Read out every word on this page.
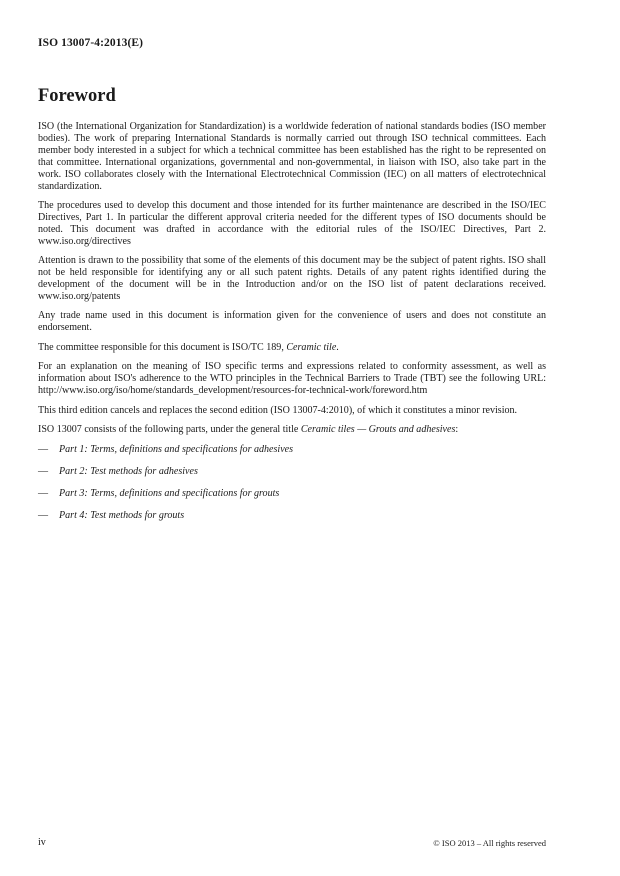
ISO 13007-4:2013(E)
Foreword

ISO (the International Organization for Standardization) is a worldwide federation of national standards bodies (ISO member bodies). The work of preparing International Standards is normally carried out through ISO technical committees. Each member body interested in a subject for which a technical committee has been established has the right to be represented on that committee. International organizations, governmental and non-governmental, in liaison with ISO, also take part in the work. ISO collaborates closely with the International Electrotechnical Commission (IEC) on all matters of electrotechnical standardization.

The procedures used to develop this document and those intended for its further maintenance are described in the ISO/IEC Directives, Part 1. In particular the different approval criteria needed for the different types of ISO documents should be noted. This document was drafted in accordance with the editorial rules of the ISO/IEC Directives, Part 2. www.iso.org/directives

Attention is drawn to the possibility that some of the elements of this document may be the subject of patent rights. ISO shall not be held responsible for identifying any or all such patent rights. Details of any patent rights identified during the development of the document will be in the Introduction and/or on the ISO list of patent declarations received. www.iso.org/patents

Any trade name used in this document is information given for the convenience of users and does not constitute an endorsement.

The committee responsible for this document is ISO/TC 189, Ceramic tile.

For an explanation on the meaning of ISO specific terms and expressions related to conformity assessment, as well as information about ISO's adherence to the WTO principles in the Technical Barriers to Trade (TBT) see the following URL: http://www.iso.org/iso/home/standards_development/resources-for-technical-work/foreword.htm

This third edition cancels and replaces the second edition (ISO 13007-4:2010), of which it constitutes a minor revision.

ISO 13007 consists of the following parts, under the general title Ceramic tiles — Grouts and adhesives:

— Part 1: Terms, definitions and specifications for adhesives
— Part 2: Test methods for adhesives
— Part 3: Terms, definitions and specifications for grouts
— Part 4: Test methods for grouts
iv	© ISO 2013 – All rights reserved
